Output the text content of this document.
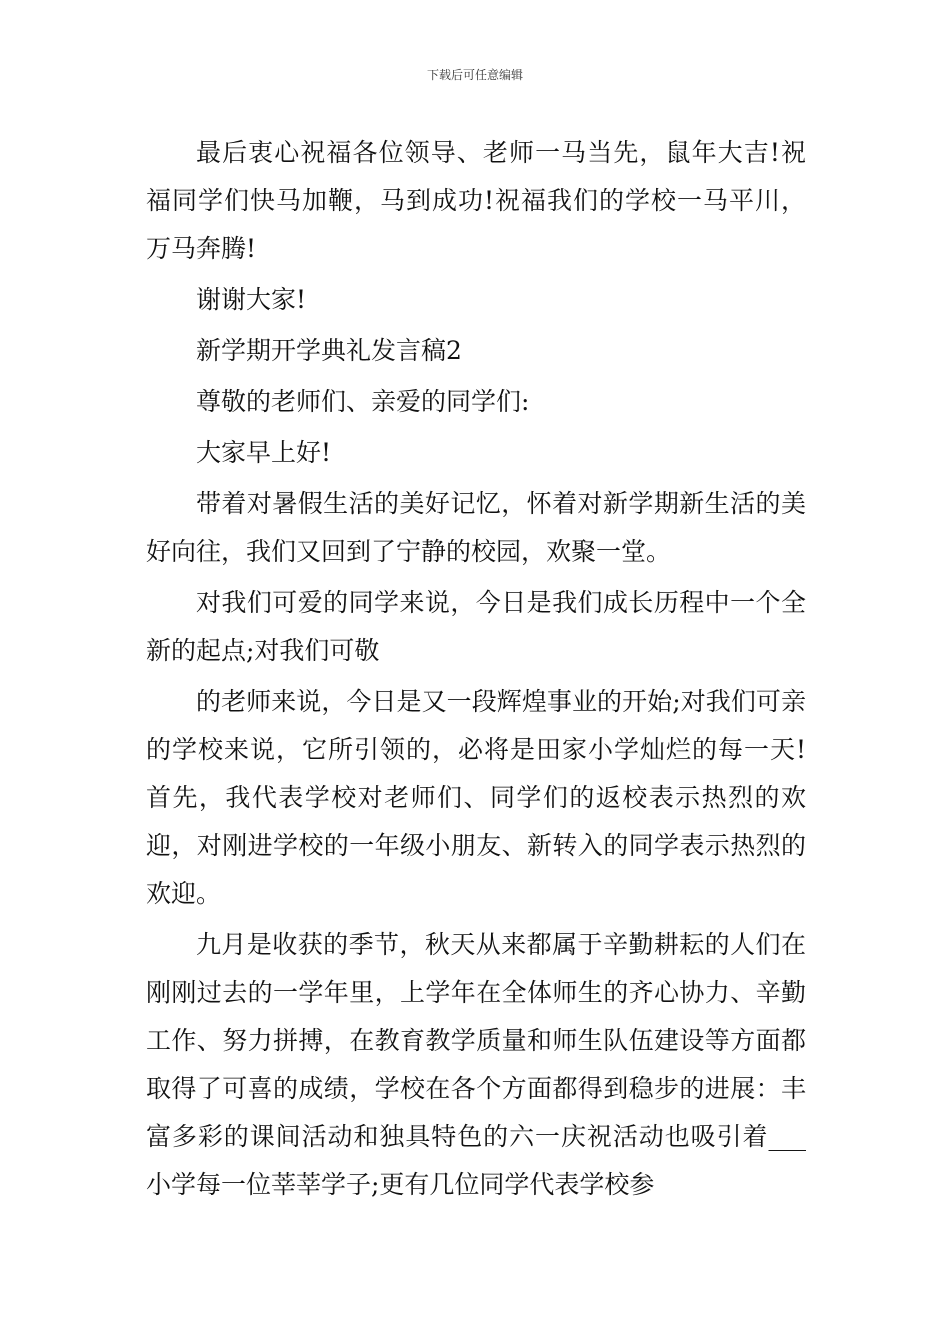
下载后可任意编辑

最后衷心祝福各位领导、老师一马当先，鼠年大吉!祝福同学们快马加鞭，马到成功!祝福我们的学校一马平川，万马奔腾!

谢谢大家!

新学期开学典礼发言稿2

尊敬的老师们、亲爱的同学们:

大家早上好!

带着对暑假生活的美好记忆，怀着对新学期新生活的美好向往，我们又回到了宁静的校园，欢聚一堂。

对我们可爱的同学来说，今日是我们成长历程中一个全新的起点;对我们可敬

的老师来说，今日是又一段辉煌事业的开始;对我们可亲的学校来说，它所引领的，必将是田家小学灿烂的每一天!首先，我代表学校对老师们、同学们的返校表示热烈的欢迎，对刚进学校的一年级小朋友、新转入的同学表示热烈的欢迎。

九月是收获的季节，秋天从来都属于辛勤耕耘的人们在刚刚过去的一学年里，上学年在全体师生的齐心协力、辛勤工作、努力拼搏，在教育教学质量和师生队伍建设等方面都取得了可喜的成绩，学校在各个方面都得到稳步的进展：丰富多彩的课间活动和独具特色的六一庆祝活动也吸引着___小学每一位莘莘学子;更有几位同学代表学校参
